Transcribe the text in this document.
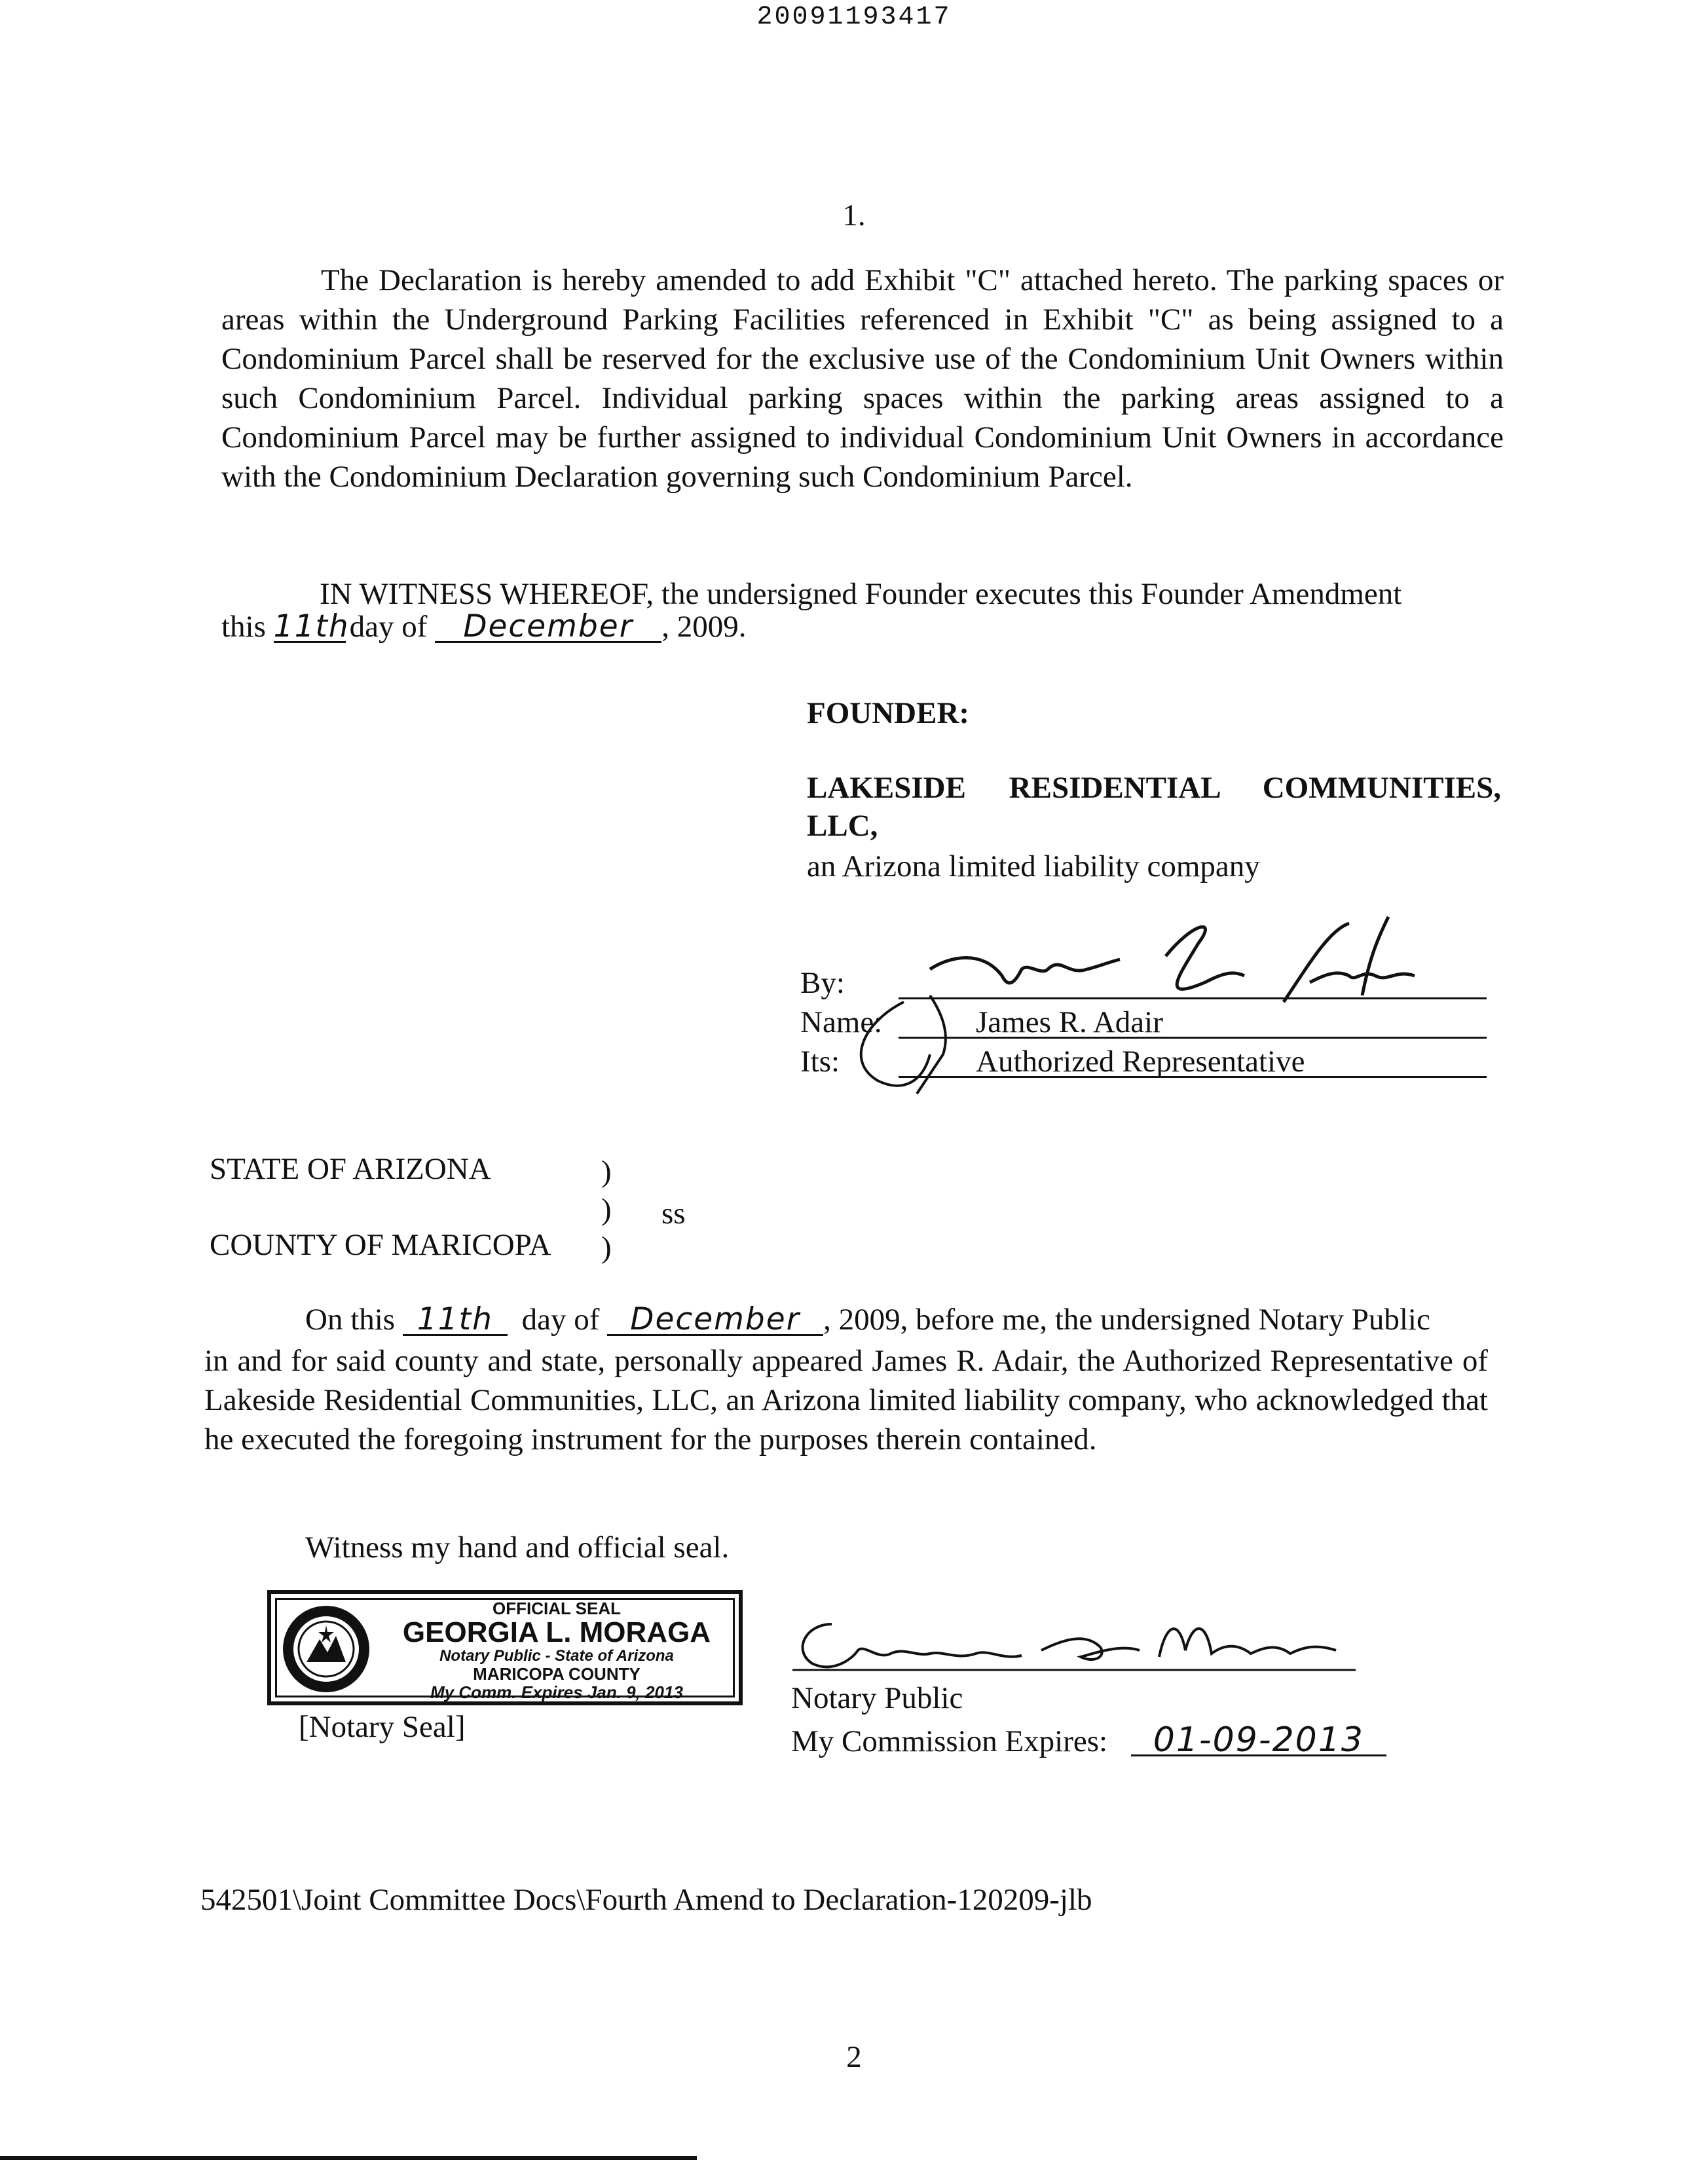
20091193417
1.
The Declaration is hereby amended to add Exhibit "C" attached hereto. The parking spaces or areas within the Underground Parking Facilities referenced in Exhibit "C" as being assigned to a Condominium Parcel shall be reserved for the exclusive use of the Condominium Unit Owners within such Condominium Parcel. Individual parking spaces within the parking areas assigned to a Condominium Parcel may be further assigned to individual Condominium Unit Owners in accordance with the Condominium Declaration governing such Condominium Parcel.
IN WITNESS WHEREOF, the undersigned Founder executes this Founder Amendment
this 11thday of December , 2009.
FOUNDER:
LAKESIDE RESIDENTIAL COMMUNITIES,
LLC,
an Arizona limited liability company
By:
Name:	James R. Adair
Its:	Authorized Representative
STATE OF ARIZONA	)
) ss
COUNTY OF MARICOPA )
On this 11th day of December , 2009, before me, the undersigned Notary Public
in and for said county and state, personally appeared James R. Adair, the Authorized Representative of Lakeside Residential Communities, LLC, an Arizona limited liability company, who acknowledged that he executed the foregoing instrument for the purposes therein contained.
Witness my hand and official seal.
OFFICIAL SEAL
GEORGIA L. MORAGA
Notary Public - State of Arizona
MARICOPA COUNTY
My Comm. Expires Jan. 9, 2013
[Notary Seal]
Notary Public
My Commission Expires: 01-09-2013
542501\Joint Committee Docs\Fourth Amend to Declaration-120209-jlb
2
